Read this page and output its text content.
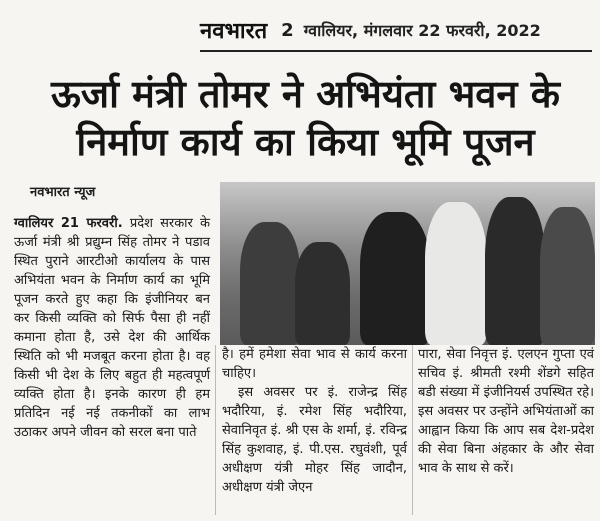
नवभारत 2 ग्वालियर, मंगलवार 22 फरवरी, 2022
ऊर्जा मंत्री तोमर ने अभियंता भवन के
निर्माण कार्य का किया भूमि पूजन
नवभारत न्यूज

ग्वालियर 21 फरवरी. प्रदेश सरकार के ऊर्जा मंत्री श्री प्रद्युम्न सिंह तोमर ने पडाव स्थित पुराने आरटीओ कार्यालय के पास अभियंता भवन के निर्माण कार्य का भूमि पूजन करते हुए कहा कि इंजीनियर बन कर किसी व्यक्ति को सिर्फ पैसा ही नहीं कमाना होता है, उसे देश की आर्थिक स्थिति को भी मजबूत करना होता है। वह किसी भी देश के लिए बहुत ही महत्वपूर्ण व्यक्ति होता है। इनके कारण ही हम प्रतिदिन नई नई तकनीकों का लाभ उठाकर अपने जीवन को सरल बना पाते

है। हमें हमेशा सेवा भाव से कार्य करना चाहिए।

इस अवसर पर इं. राजेन्द्र सिंह भदौरिया, इं. रमेश सिंह भदौरिया, सेवानिवृत इं. श्री एस के शर्मा, इं. रविन्द्र सिंह कुशवाह, इं. पी.एस. रघुवंशी, पूर्व अधीक्षण यंत्री मोहर सिंह जादौन, अधीक्षण यंत्री जेएन

पारा, सेवा निवृत्त इं. एलएन गुप्ता एवं सचिव इं. श्रीमती रश्मी शेंडगे सहित बडी संख्या में इंजीनियर्स उपस्थित रहे। इस अवसर पर उन्होंने अभियंताओं का आह्वान किया कि आप सब देश-प्रदेश की सेवा बिना अंहकार के और सेवा भाव के साथ से करें।
